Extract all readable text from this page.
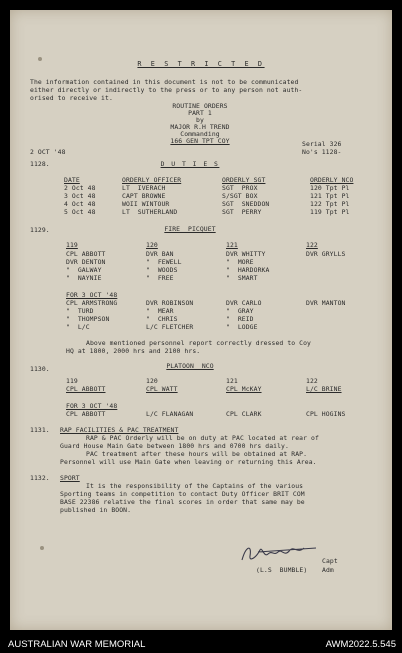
R E S T R I C T E D
The information contained in this document is not to be communicated
either directly or indirectly to the press or to any person not auth-
orised to receive it.
ROUTINE ORDERS
PART 1
by
MAJOR R.H TREND
Commanding
166 GEN TPT COY
2 OCT '48
Serial 326
No's 1128-
1128.	D U T I E S
DATE	ORDERLY OFFICER	ORDERLY SGT	ORDERLY NCO
2 Oct 48	LT  IVERACH	SGT  PROX	120 Tpt Pl
3 Oct 48	CAPT BROWNE	S/SGT BOX	121 Tpt Pl
4 Oct 48	WOII WINTOUR	SGT  SNEDDON	122 Tpt Pl
5 Oct 48	LT  SUTHERLAND	SGT  PERRY	119 Tpt Pl
1129.	FIRE  PICQUET
119	120	121	122
CPL ABBOTT	DVR BAN	DVR WHITTY	DVR GRYLLS
DVR DENTON	"  FEWELL	"  MORE
"  GALWAY	"  WOODS	"  HARDORKA
"  NAYNIE	"  FREE	"  SMART
FOR 3 OCT '48
CPL ARMSTRONG	DVR ROBINSON	DVR CARLO	DVR MANTON
"  TURD	"  MEAR	"  GRAY
"  THOMPSON	"  CHRIS	"  REID
"  L/C	L/C FLETCHER	"  LODGE
Above mentioned personnel report correctly dressed to Coy
HQ at 1800, 2000 hrs and 2100 hrs.
1130.	PLATOON  NCO
119	120	121	122
CPL ABBOTT	CPL WATT	CPL McKAY	L/C BRINE
FOR 3 OCT '48
CPL ABBOTT	L/C FLANAGAN	CPL CLARK	CPL HOGINS
1131. RAP FACILITIES & PAC TREATMENT
RAP & PAC Orderly will be on duty at PAC located at rear of
Guard House Main Gate between 1800 hrs and 0700 hrs daily.
PAC treatment after these hours will be obtained at RAP.
Personnel will use Main Gate when leaving or returning this Area.
1132. SPORT
It is the responsibility of the Captains of the various
Sporting teams in competition to contact Duty Officer BRIT COM
BASE 22386 relative the final scores in order that same may be
published in BOON.
Capt
(L.S  BUMBLE) Adm
AUSTRALIAN WAR MEMORIAL	AWM2022.5.545
